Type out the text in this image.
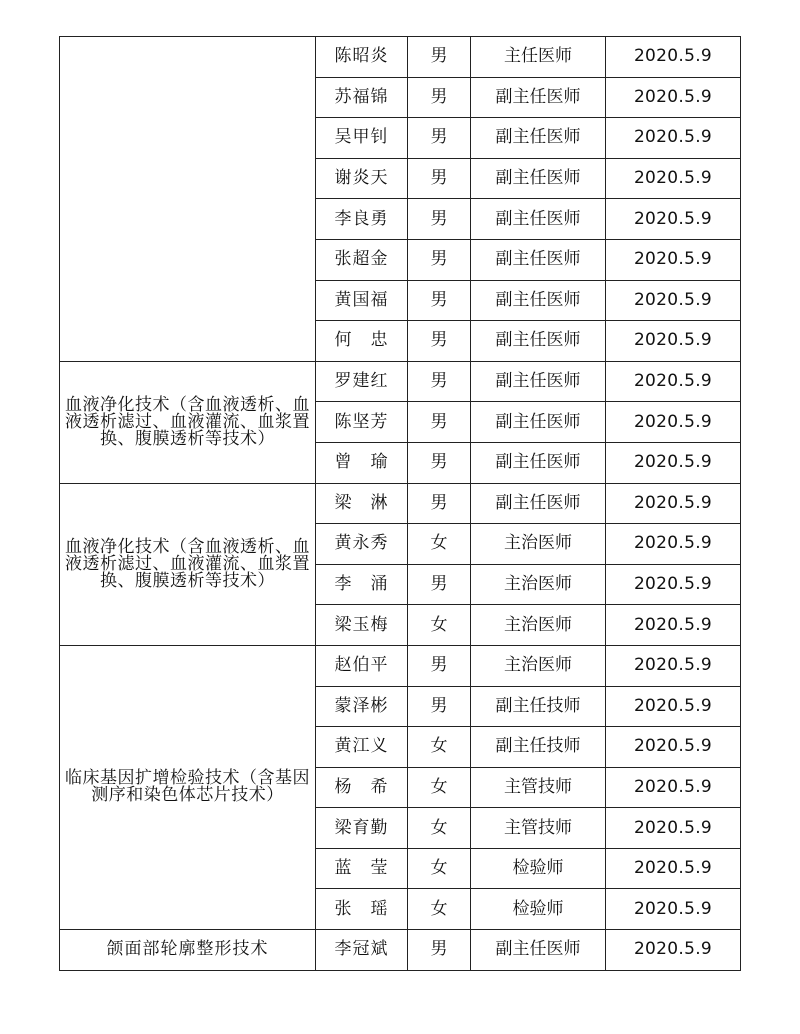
	陈昭炎	男	主任医师	2020.5.9
	苏福锦	男	副主任医师	2020.5.9
	吴甲钊	男	副主任医师	2020.5.9
	谢炎天	男	副主任医师	2020.5.9
	李良勇	男	副主任医师	2020.5.9
	张超金	男	副主任医师	2020.5.9
	黄国福	男	副主任医师	2020.5.9
	何　忠	男	副主任医师	2020.5.9
血液净化技术（含血液透析、血液透析滤过、血液灌流、血浆置换、腹膜透析等技术）	罗建红	男	副主任医师	2020.5.9
	陈坚芳	男	副主任医师	2020.5.9
	曾　瑜	男	副主任医师	2020.5.9
血液净化技术（含血液透析、血液透析滤过、血液灌流、血浆置换、腹膜透析等技术）	梁　淋	男	副主任医师	2020.5.9
	黄永秀	女	主治医师	2020.5.9
	李　涌	男	主治医师	2020.5.9
	梁玉梅	女	主治医师	2020.5.9
临床基因扩增检验技术（含基因测序和染色体芯片技术）	赵伯平	男	主治医师	2020.5.9
	蒙泽彬	男	副主任技师	2020.5.9
	黄江义	女	副主任技师	2020.5.9
	杨　希	女	主管技师	2020.5.9
	梁育勤	女	主管技师	2020.5.9
	蓝　莹	女	检验师	2020.5.9
	张　瑶	女	检验师	2020.5.9
颌面部轮廓整形技术	李冠斌	男	副主任医师	2020.5.9
